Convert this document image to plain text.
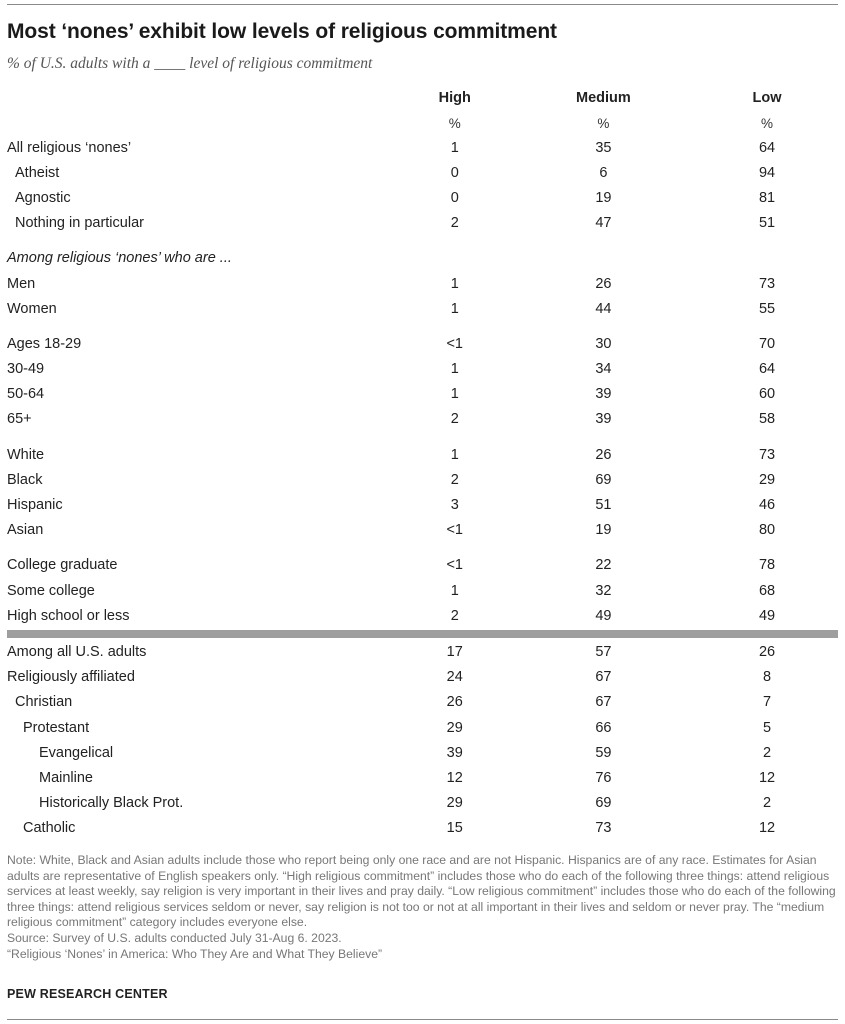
Most ‘nones’ exhibit low levels of religious commitment
% of U.S. adults with a ____ level of religious commitment
	High	Medium	Low
	%	%	%
All religious ‘nones’	1	35	64
Atheist	0	6	94
Agnostic	0	19	81
Nothing in particular	2	47	51

Among religious ‘nones’ who are ...			
Men	1	26	73
Women	1	44	55

Ages 18-29	<1	30	70
30-49	1	34	64
50-64	1	39	60
65+	2	39	58

White	1	26	73
Black	2	69	29
Hispanic	3	51	46
Asian	<1	19	80

College graduate	<1	22	78
Some college	1	32	68
High school or less	2	49	49

Among all U.S. adults	17	57	26
Religiously affiliated	24	67	8
Christian	26	67	7
Protestant	29	66	5
Evangelical	39	59	2
Mainline	12	76	12
Historically Black Prot.	29	69	2
Catholic	15	73	12

Note: White, Black and Asian adults include those who report being only one race and are not Hispanic. Hispanics are of any race. Estimates for Asian adults are representative of English speakers only. “High religious commitment” includes those who do each of the following three things: attend religious services at least weekly, say religion is very important in their lives and pray daily. “Low religious commitment” includes those who do each of the following three things: attend religious services seldom or never, say religion is not too or not at all important in their lives and seldom or never pray. The “medium religious commitment” category includes everyone else.

Source: Survey of U.S. adults conducted July 31-Aug 6. 2023.

“Religious ‘Nones’ in America: Who They Are and What They Believe”

PEW RESEARCH CENTER
